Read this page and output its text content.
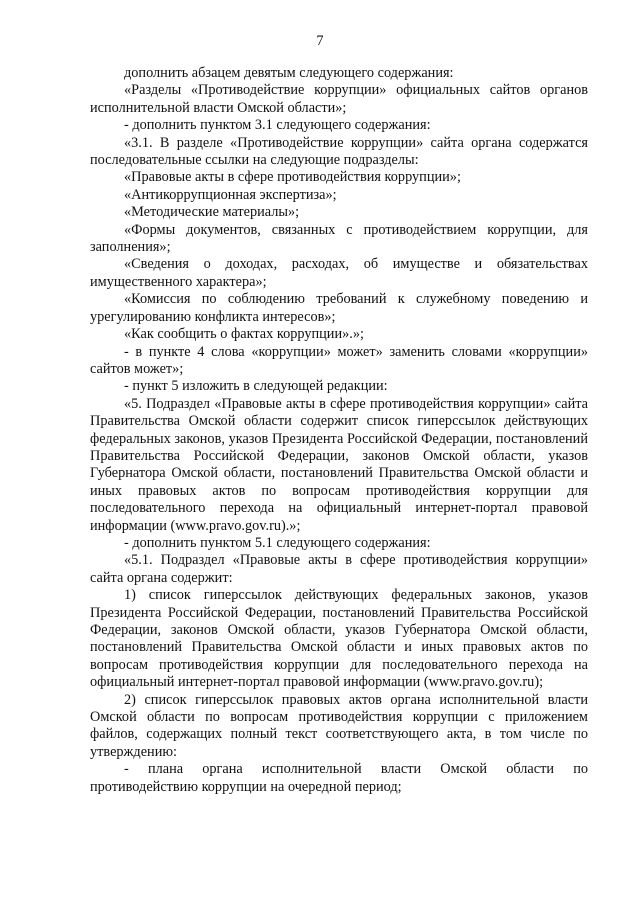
7

дополнить абзацем девятым следующего содержания:

«Разделы «Противодействие коррупции» официальных сайтов органов исполнительной власти Омской области»;

- дополнить пунктом 3.1 следующего содержания:

«3.1. В разделе «Противодействие коррупции» сайта органа содержатся последовательные ссылки на следующие подразделы:

«Правовые акты в сфере противодействия коррупции»;

«Антикоррупционная экспертиза»;

«Методические материалы»;

«Формы документов, связанных с противодействием коррупции, для заполнения»;

«Сведения о доходах, расходах, об имуществе и обязательствах имущественного характера»;

«Комиссия по соблюдению требований к служебному поведению и урегулированию конфликта интересов»;

«Как сообщить о фактах коррупции».»;

- в пункте 4 слова «коррупции» может» заменить словами «коррупции» сайтов может»;

- пункт 5 изложить в следующей редакции:

«5. Подраздел «Правовые акты в сфере противодействия коррупции» сайта Правительства Омской области содержит список гиперссылок действующих федеральных законов, указов Президента Российской Федерации, постановлений Правительства Российской Федерации, законов Омской области, указов Губернатора Омской области, постановлений Правительства Омской области и иных правовых актов по вопросам противодействия коррупции для последовательного перехода на официальный интернет-портал правовой информации (www.pravo.gov.ru).»;

- дополнить пунктом 5.1 следующего содержания:

«5.1. Подраздел «Правовые акты в сфере противодействия коррупции» сайта органа содержит:

1) список гиперссылок действующих федеральных законов, указов Президента Российской Федерации, постановлений Правительства Российской Федерации, законов Омской области, указов Губернатора Омской области, постановлений Правительства Омской области и иных правовых актов по вопросам противодействия коррупции для последовательного перехода на официальный интернет-портал правовой информации (www.pravo.gov.ru);

2) список гиперссылок правовых актов органа исполнительной власти Омской области по вопросам противодействия коррупции с приложением файлов, содержащих полный текст соответствующего акта, в том числе по утверждению:

- плана органа исполнительной власти Омской области по противодействию коррупции на очередной период;
